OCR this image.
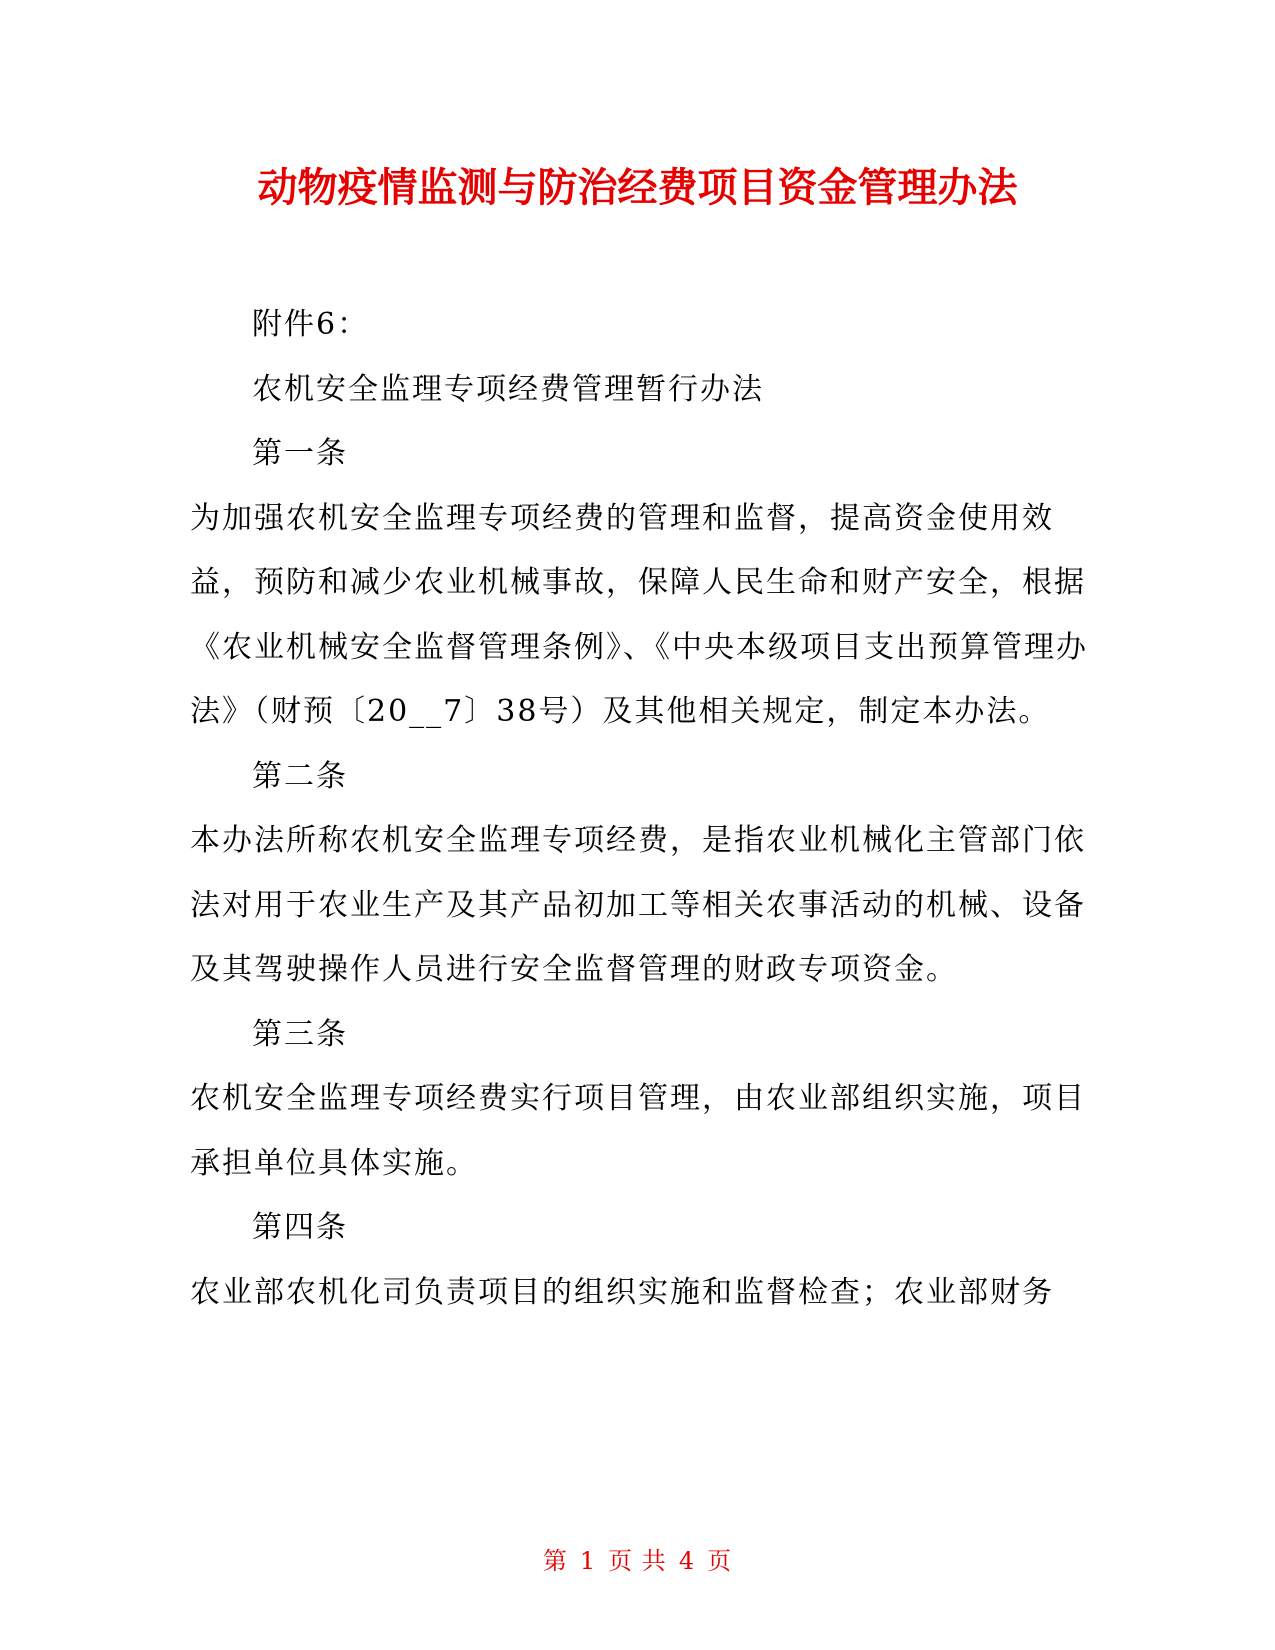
动物疫情监测与防治经费项目资金管理办法

附件6：

农机安全监理专项经费管理暂行办法

第一条

为加强农机安全监理专项经费的管理和监督，提高资金使用效益，预防和减少农业机械事故，保障人民生命和财产安全，根据《农业机械安全监督管理条例》、《中央本级项目支出预算管理办法》（财预〔20__7〕38号）及其他相关规定，制定本办法。

第二条

本办法所称农机安全监理专项经费，是指农业机械化主管部门依法对用于农业生产及其产品初加工等相关农事活动的机械、设备及其驾驶操作人员进行安全监督管理的财政专项资金。

第三条

农机安全监理专项经费实行项目管理，由农业部组织实施，项目承担单位具体实施。

第四条

农业部农机化司负责项目的组织实施和监督检查；农业部财务

第 1 页 共 4 页
